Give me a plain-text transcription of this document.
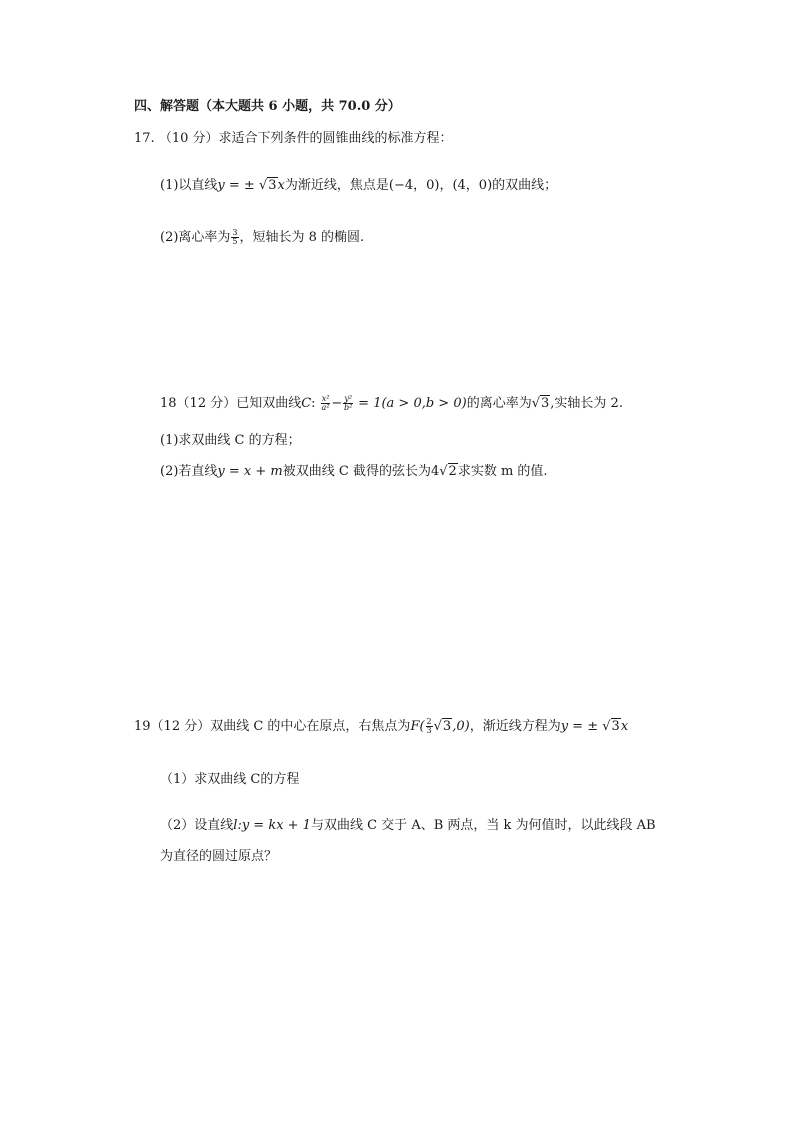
四、解答题（本大题共 6 小题，共 70.0 分）
17. （10 分）求适合下列条件的圆锥曲线的标准方程：
(1)以直线y = ± √3x为渐近线，焦点是(−4，0)，(4，0)的双曲线；
(2)离心率为 $\frac{3}{5}$ ，短轴长为 8 的椭圆.
18（12 分）已知双曲线C: $\frac{\text{x²}}{\text{a²}} - \frac{\text{y²}}{\text{b²}} = 1(a > 0,b > 0)$的离心率为√3,实轴长为 2.
(1)求双曲线 C 的方程；
(2)若直线y = x + m被双曲线 C 截得的弦长为4√2求实数 m 的值.
19（12 分）双曲线 C 的中心在原点，右焦点为$F( \frac{2}{3} √3,0)$，渐近线方程为y = ± √3x
（1）求双曲线 C的方程
（2）设直线l:y = kx + 1与双曲线 C 交于 A、B 两点，当 k 为何值时，以此线段 AB
为直径的圆过原点？
